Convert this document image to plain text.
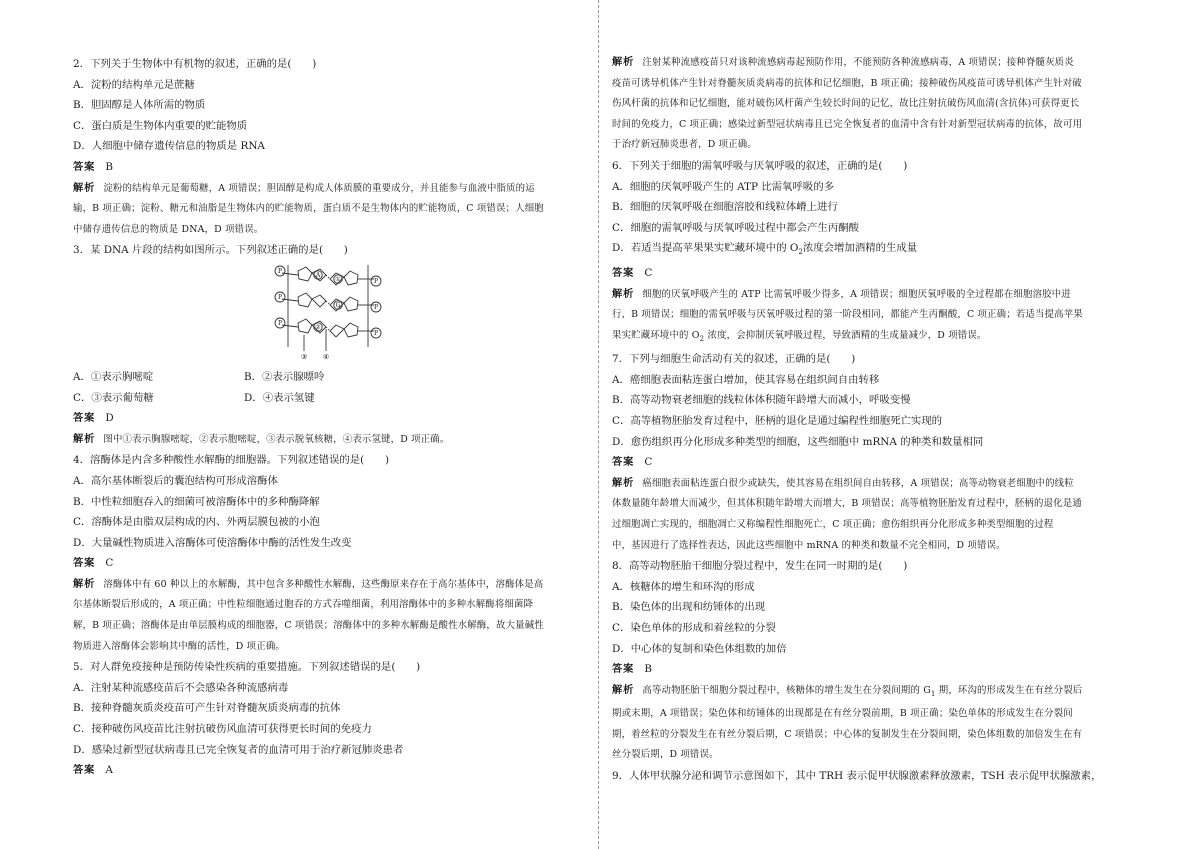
2．下列关于生物体中有机物的叙述，正确的是(　　)
A．淀粉的结构单元是蔗糖
B．胆固醇是人体所需的物质
C．蛋白质是生物体内重要的贮能物质
D．人细胞中储存遗传信息的物质是 RNA
答案 B
解析 淀粉的结构单元是葡萄糖，A 项错误；胆固醇是构成人体质膜的重要成分，并且能参与血液中脂质的运
输，B 项正确；淀粉、糖元和油脂是生物体内的贮能物质，蛋白质不是生物体内的贮能物质，C 项错误；人细胞
中储存遗传信息的物质是 DNA，D 项错误。
3．某 DNA 片段的结构如图所示。下列叙述正确的是(　　)
P
P
P
P
P
P
A
G
①
②
③ ④
A．①表示胸嘧啶	B．②表示腺嘌呤
C．③表示葡萄糖	D．④表示氢键
答案 D
解析 图中①表示胸腺嘧啶，②表示胞嘧啶，③表示脱氧核糖，④表示氢键，D 项正确。
4．溶酶体是内含多种酸性水解酶的细胞器。下列叙述错误的是(　　)
A．高尔基体断裂后的囊泡结构可形成溶酶体
B．中性粒细胞吞入的细菌可被溶酶体中的多种酶降解
C．溶酶体是由脂双层构成的内、外两层膜包被的小泡
D．大量碱性物质进入溶酶体可使溶酶体中酶的活性发生改变
答案 C
解析 溶酶体中有 60 种以上的水解酶，其中包含多种酸性水解酶，这些酶原来存在于高尔基体中，溶酶体是高
尔基体断裂后形成的，A 项正确；中性粒细胞通过胞吞的方式吞噬细菌，利用溶酶体中的多种水解酶将细菌降
解，B 项正确；溶酶体是由单层膜构成的细胞器，C 项错误；溶酶体中的多种水解酶是酸性水解酶，故大量碱性
物质进入溶酶体会影响其中酶的活性，D 项正确。
5．对人群免疫接种是预防传染性疾病的重要措施。下列叙述错误的是(　　)
A．注射某种流感疫苗后不会感染各种流感病毒
B．接种脊髓灰质炎疫苗可产生针对脊髓灰质炎病毒的抗体
C．接种破伤风疫苗比注射抗破伤风血清可获得更长时间的免疫力
D．感染过新型冠状病毒且已完全恢复者的血清可用于治疗新冠肺炎患者
答案 A
解析 注射某种流感疫苗只对该种流感病毒起预防作用，不能预防各种流感病毒，A 项错误；接种脊髓灰质炎
疫苗可诱导机体产生针对脊髓灰质炎病毒的抗体和记忆细胞，B 项正确；接种破伤风疫苗可诱导机体产生针对破
伤风杆菌的抗体和记忆细胞，能对破伤风杆菌产生较长时间的记忆，故比注射抗破伤风血清(含抗体)可获得更长
时间的免疫力，C 项正确；感染过新型冠状病毒且已完全恢复者的血清中含有针对新型冠状病毒的抗体，故可用
于治疗新冠肺炎患者，D 项正确。
6．下列关于细胞的需氧呼吸与厌氧呼吸的叙述，正确的是(　　)
A．细胞的厌氧呼吸产生的 ATP 比需氧呼吸的多
B．细胞的厌氧呼吸在细胞溶胶和线粒体嵴上进行
C．细胞的需氧呼吸与厌氧呼吸过程中都会产生丙酮酸
D．若适当提高苹果果实贮藏环境中的 $O_2$浓度会增加酒精的生成量
答案 C
解析 细胞的厌氧呼吸产生的 ATP 比需氧呼吸少得多，A 项错误；细胞厌氧呼吸的全过程都在细胞溶胶中进
行，B 项错误；细胞的需氧呼吸与厌氧呼吸过程的第一阶段相同，都能产生丙酮酸，C 项正确；若适当提高苹果
果实贮藏环境中的 $O_2$ 浓度，会抑制厌氧呼吸过程，导致酒精的生成量减少，D 项错误。
7．下列与细胞生命活动有关的叙述，正确的是(　　)
A．癌细胞表面粘连蛋白增加，使其容易在组织间自由转移
B．高等动物衰老细胞的线粒体体积随年龄增大而减小，呼吸变慢
C．高等植物胚胎发育过程中，胚柄的退化是通过编程性细胞死亡实现的
D．愈伤组织再分化形成多种类型的细胞，这些细胞中 mRNA 的种类和数量相同
答案 C
解析 癌细胞表面粘连蛋白很少或缺失，使其容易在组织间自由转移，A 项错误；高等动物衰老细胞中的线粒
体数量随年龄增大而减少，但其体积随年龄增大而增大，B 项错误；高等植物胚胎发育过程中，胚柄的退化是通
过细胞凋亡实现的，细胞凋亡又称编程性细胞死亡，C 项正确；愈伤组织再分化形成多种类型细胞的过程
中，基因进行了选择性表达，因此这些细胞中 mRNA 的种类和数量不完全相同，D 项错误。
8．高等动物胚胎干细胞分裂过程中，发生在同一时期的是(　　)
A．核糖体的增生和环沟的形成
B．染色体的出现和纺锤体的出现
C．染色单体的形成和着丝粒的分裂
D．中心体的复制和染色体组数的加倍
答案 B
解析 高等动物胚胎干细胞分裂过程中，核糖体的增生发生在分裂间期的 $G_1$ 期，环沟的形成发生在有丝分裂后
期或末期，A 项错误；染色体和纺锤体的出现都是在有丝分裂前期，B 项正确；染色单体的形成发生在分裂间
期，着丝粒的分裂发生在有丝分裂后期，C 项错误；中心体的复制发生在分裂间期，染色体组数的加倍发生在有
丝分裂后期，D 项错误。
9．人体甲状腺分泌和调节示意图如下，其中 TRH 表示促甲状腺激素释放激素，TSH 表示促甲状腺激素，
